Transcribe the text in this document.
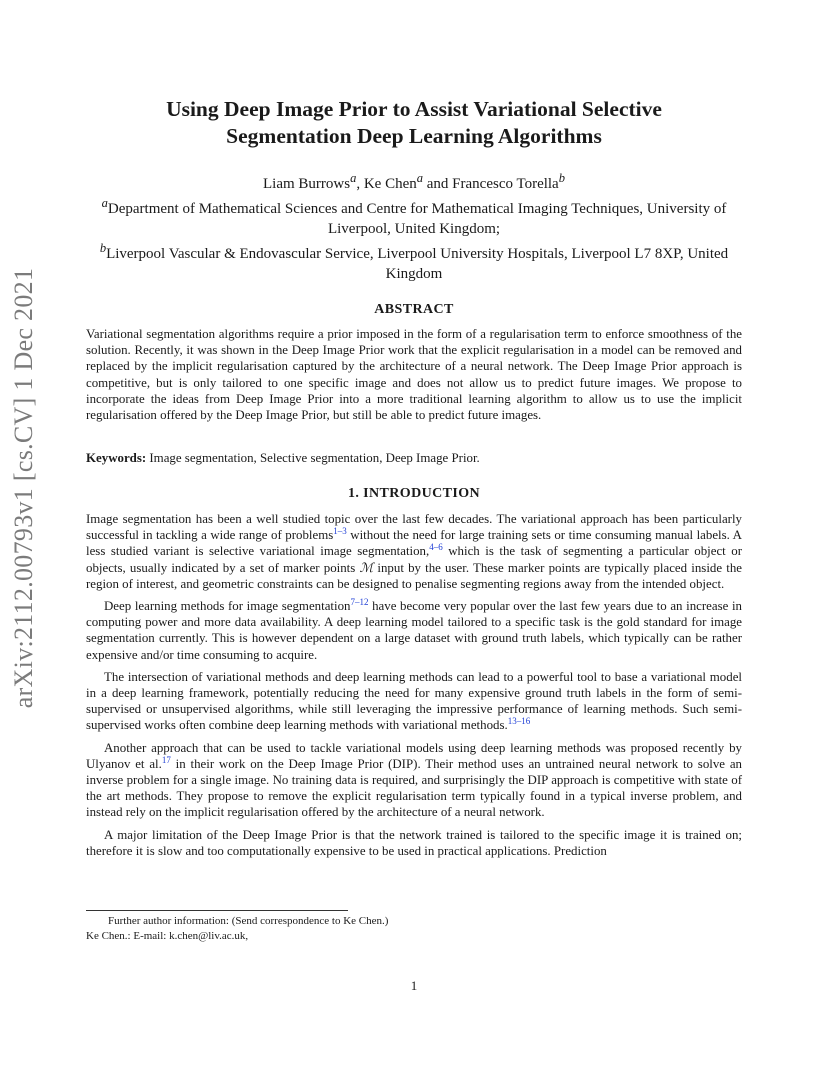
arXiv:2112.00793v1 [cs.CV] 1 Dec 2021
Using Deep Image Prior to Assist Variational Selective
Segmentation Deep Learning Algorithms
Liam Burrows$^a$, Ke Chen$^a$ and Francesco Torella$^b$

$^a$Department of Mathematical Sciences and Centre for Mathematical Imaging Techniques, University of Liverpool, United Kingdom;

$^b$Liverpool Vascular & Endovascular Service, Liverpool University Hospitals, Liverpool L7 8XP, United Kingdom

ABSTRACT

Variational segmentation algorithms require a prior imposed in the form of a regularisation term to enforce smoothness of the solution. Recently, it was shown in the Deep Image Prior work that the explicit regularisation in a model can be removed and replaced by the implicit regularisation captured by the architecture of a neural network. The Deep Image Prior approach is competitive, but is only tailored to one specific image and does not allow us to predict future images. We propose to incorporate the ideas from Deep Image Prior into a more traditional learning algorithm to allow us to use the implicit regularisation offered by the Deep Image Prior, but still be able to predict future images.

Keywords: Image segmentation, Selective segmentation, Deep Image Prior.

1. INTRODUCTION

Image segmentation has been a well studied topic over the last few decades. The variational approach has been particularly successful in tackling a wide range of problems$^{1-3}$ without the need for large training sets or time consuming manual labels. A less studied variant is selective variational image segmentation,$^{4-6}$ which is the task of segmenting a particular object or objects, usually indicated by a set of marker points ℳ input by the user. These marker points are typically placed inside the region of interest, and geometric constraints can be designed to penalise segmenting regions away from the intended object.

Deep learning methods for image segmentation$^{7-12}$ have become very popular over the last few years due to an increase in computing power and more data availability. A deep learning model tailored to a specific task is the gold standard for image segmentation currently. This is however dependent on a large dataset with ground truth labels, which typically can be rather expensive and/or time consuming to acquire.

The intersection of variational methods and deep learning methods can lead to a powerful tool to base a variational model in a deep learning framework, potentially reducing the need for many expensive ground truth labels in the form of semi-supervised or unsupervised algorithms, while still leveraging the impressive performance of learning methods. Such semi-supervised works often combine deep learning methods with variational methods.$^{13-16}$

Another approach that can be used to tackle variational models using deep learning methods was proposed recently by Ulyanov et al.$^{17}$ in their work on the Deep Image Prior (DIP). Their method uses an untrained neural network to solve an inverse problem for a single image. No training data is required, and surprisingly the DIP approach is competitive with state of the art methods. They propose to remove the explicit regularisation term typically found in a typical inverse problem, and instead rely on the implicit regularisation offered by the architecture of a neural network.

A major limitation of the Deep Image Prior is that the network trained is tailored to the specific image it is trained on; therefore it is slow and too computationally expensive to be used in practical applications. Prediction

Further author information: (Send correspondence to Ke Chen.)

Ke Chen.: E-mail: k.chen@liv.ac.uk,

1
